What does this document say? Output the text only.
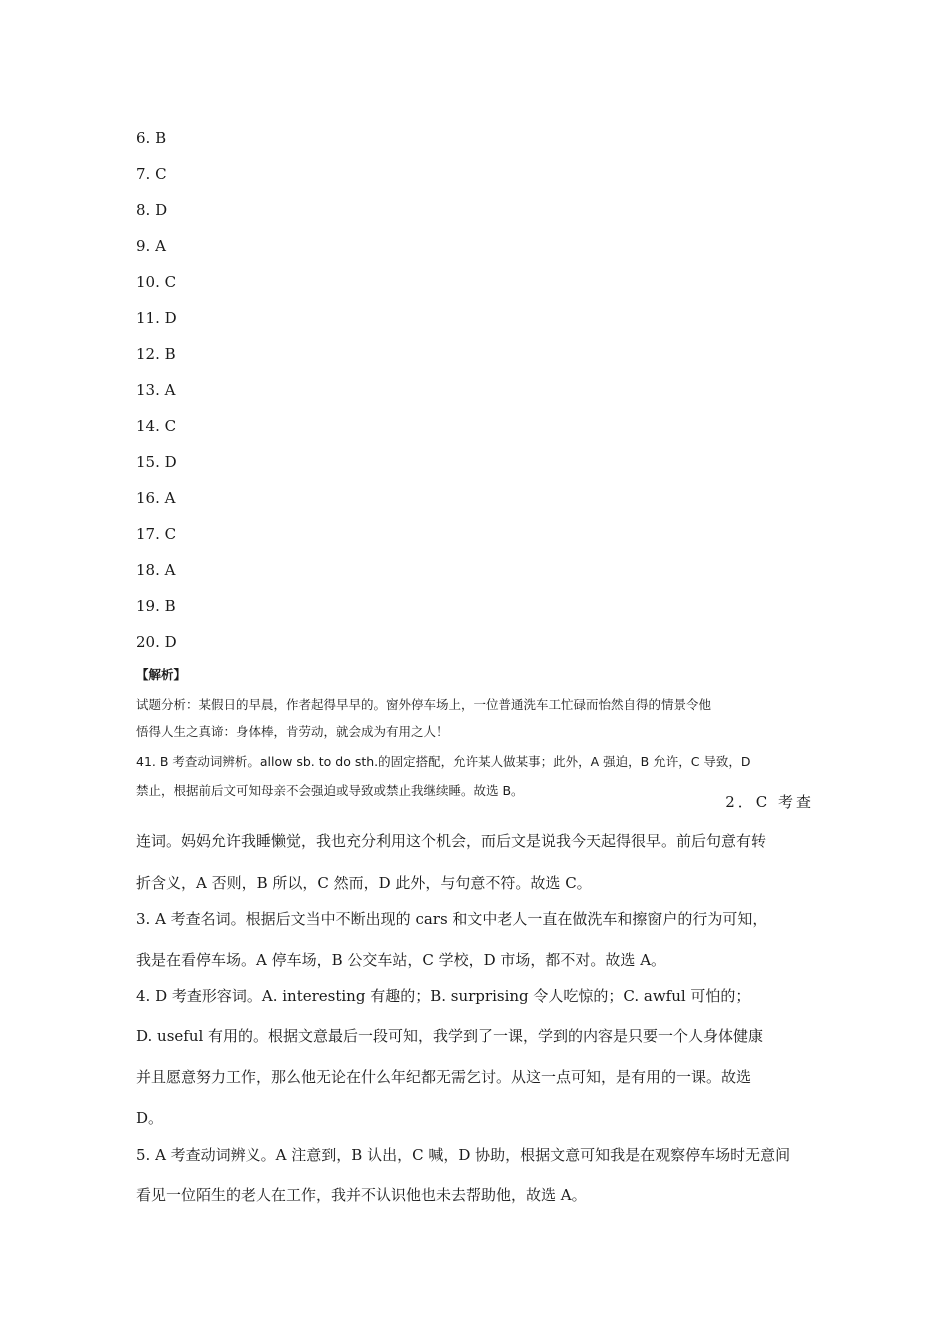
6. B
7. C
8. D
9. A
10. C
11. D
12. B
13. A
14. C
15. D
16. A
17. C
18. A
19. B
20. D
【解析】
试题分析：某假日的早晨，作者起得早早的。窗外停车场上，一位普通洗车工忙碌而怡然自得的情景令他
悟得人生之真谛：身体棒，肯劳动，就会成为有用之人！
41. B 考查动词辨析。allow sb. to do sth.的固定搭配，允许某人做某事；此外，A 强迫，B 允许，C 导致，D
禁止，根据前后文可知母亲不会强迫或导致或禁止我继续睡。故选 B。
2．C 考查
连词。妈妈允许我睡懒觉，我也充分利用这个机会，而后文是说我今天起得很早。前后句意有转
折含义，A 否则，B 所以，C 然而，D 此外，与句意不符。故选 C。
3. A 考查名词。根据后文当中不断出现的 cars 和文中老人一直在做洗车和擦窗户的行为可知，
我是在看停车场。A 停车场，B 公交车站，C 学校，D 市场，都不对。故选 A。
4. D 考查形容词。A. interesting 有趣的；B. surprising 令人吃惊的；C. awful 可怕的；
D. useful 有用的。根据文意最后一段可知，我学到了一课，学到的内容是只要一个人身体健康
并且愿意努力工作，那么他无论在什么年纪都无需乞讨。从这一点可知，是有用的一课。故选
D。
5. A 考查动词辨义。A 注意到，B 认出，C 喊，D 协助，根据文意可知我是在观察停车场时无意间
看见一位陌生的老人在工作，我并不认识他也未去帮助他，故选 A。
